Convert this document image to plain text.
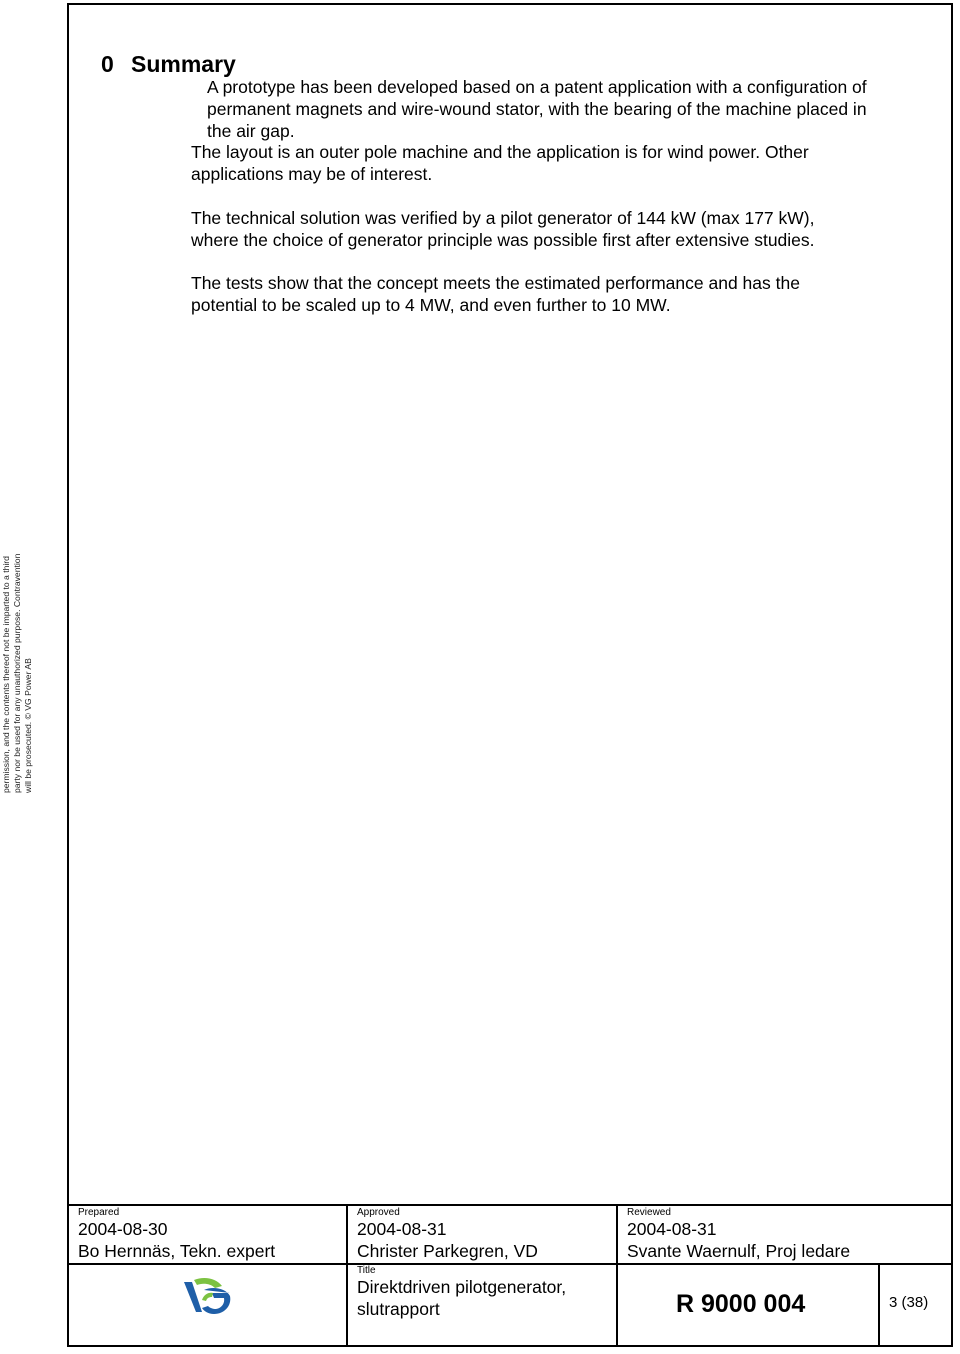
0 Summary

A prototype has been developed based on a patent application with a configuration of
permanent magnets and wire-wound stator, with the bearing of the machine placed in
the air gap.

The layout is an outer pole machine and the application is for wind power. Other
applications may be of interest.

The technical solution was verified by a pilot generator of 144 kW (max 177 kW),
where the choice of generator principle was possible first after extensive studies.

The tests show that the concept meets the estimated performance and has the
potential to be scaled up to 4 MW, and even further to 10 MW.

permission, and the contents thereof not be imparted to a third party nor be used for any unauthorized purpose. Contravention will be prosecuted. © VG Power AB
Prepared
2004-08-30
Bo Hernnäs, Tekn. expert
Approved
2004-08-31
Christer Parkegren, VD
Reviewed
2004-08-31
Svante Waernulf, Proj ledare
Title
Direktdriven pilotgenerator,
slutrapport	R 9000 004	3 (38)
